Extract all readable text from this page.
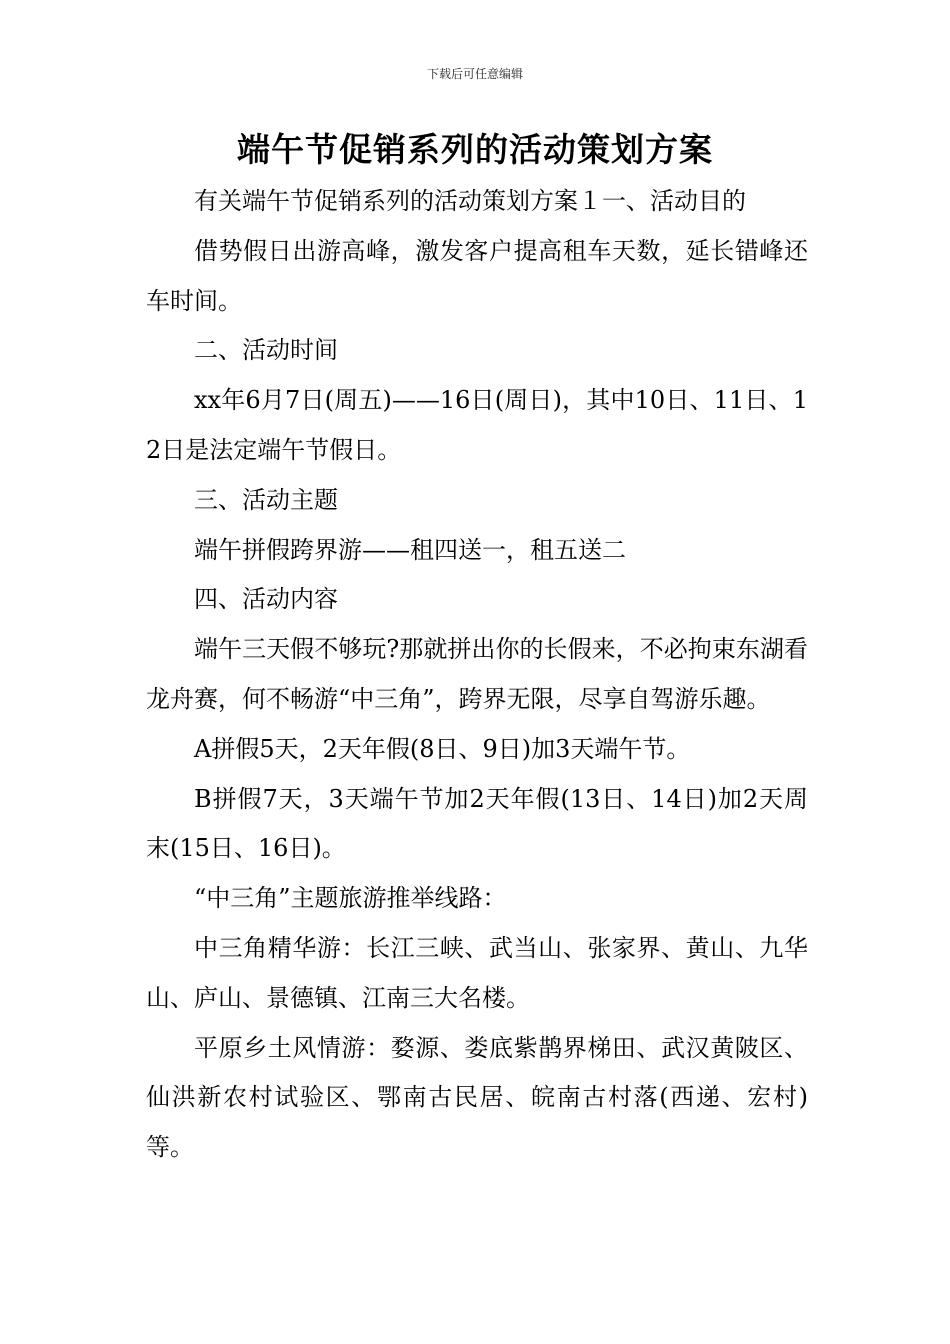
下载后可任意编辑
端午节促销系列的活动策划方案

有关端午节促销系列的活动策划方案１一、活动目的

借势假日出游高峰，激发客户提高租车天数，延长错峰还车时间。

二、活动时间

xx年6月7日(周五)——16日(周日)，其中10日、11日、12日是法定端午节假日。

三、活动主题

端午拼假跨界游——租四送一，租五送二

四、活动内容

端午三天假不够玩?那就拼出你的长假来，不必拘束东湖看龙舟赛，何不畅游“中三角”，跨界无限，尽享自驾游乐趣。

A拼假5天，2天年假(8日、9日)加3天端午节。

B拼假7天，3天端午节加2天年假(13日、14日)加2天周末(15日、16日)。

“中三角”主题旅游推举线路：

中三角精华游：长江三峡、武当山、张家界、黄山、九华山、庐山、景德镇、江南三大名楼。

平原乡土风情游：婺源、娄底紫鹊界梯田、武汉黄陂区、仙洪新农村试验区、鄂南古民居、皖南古村落(西递、宏村)等。
